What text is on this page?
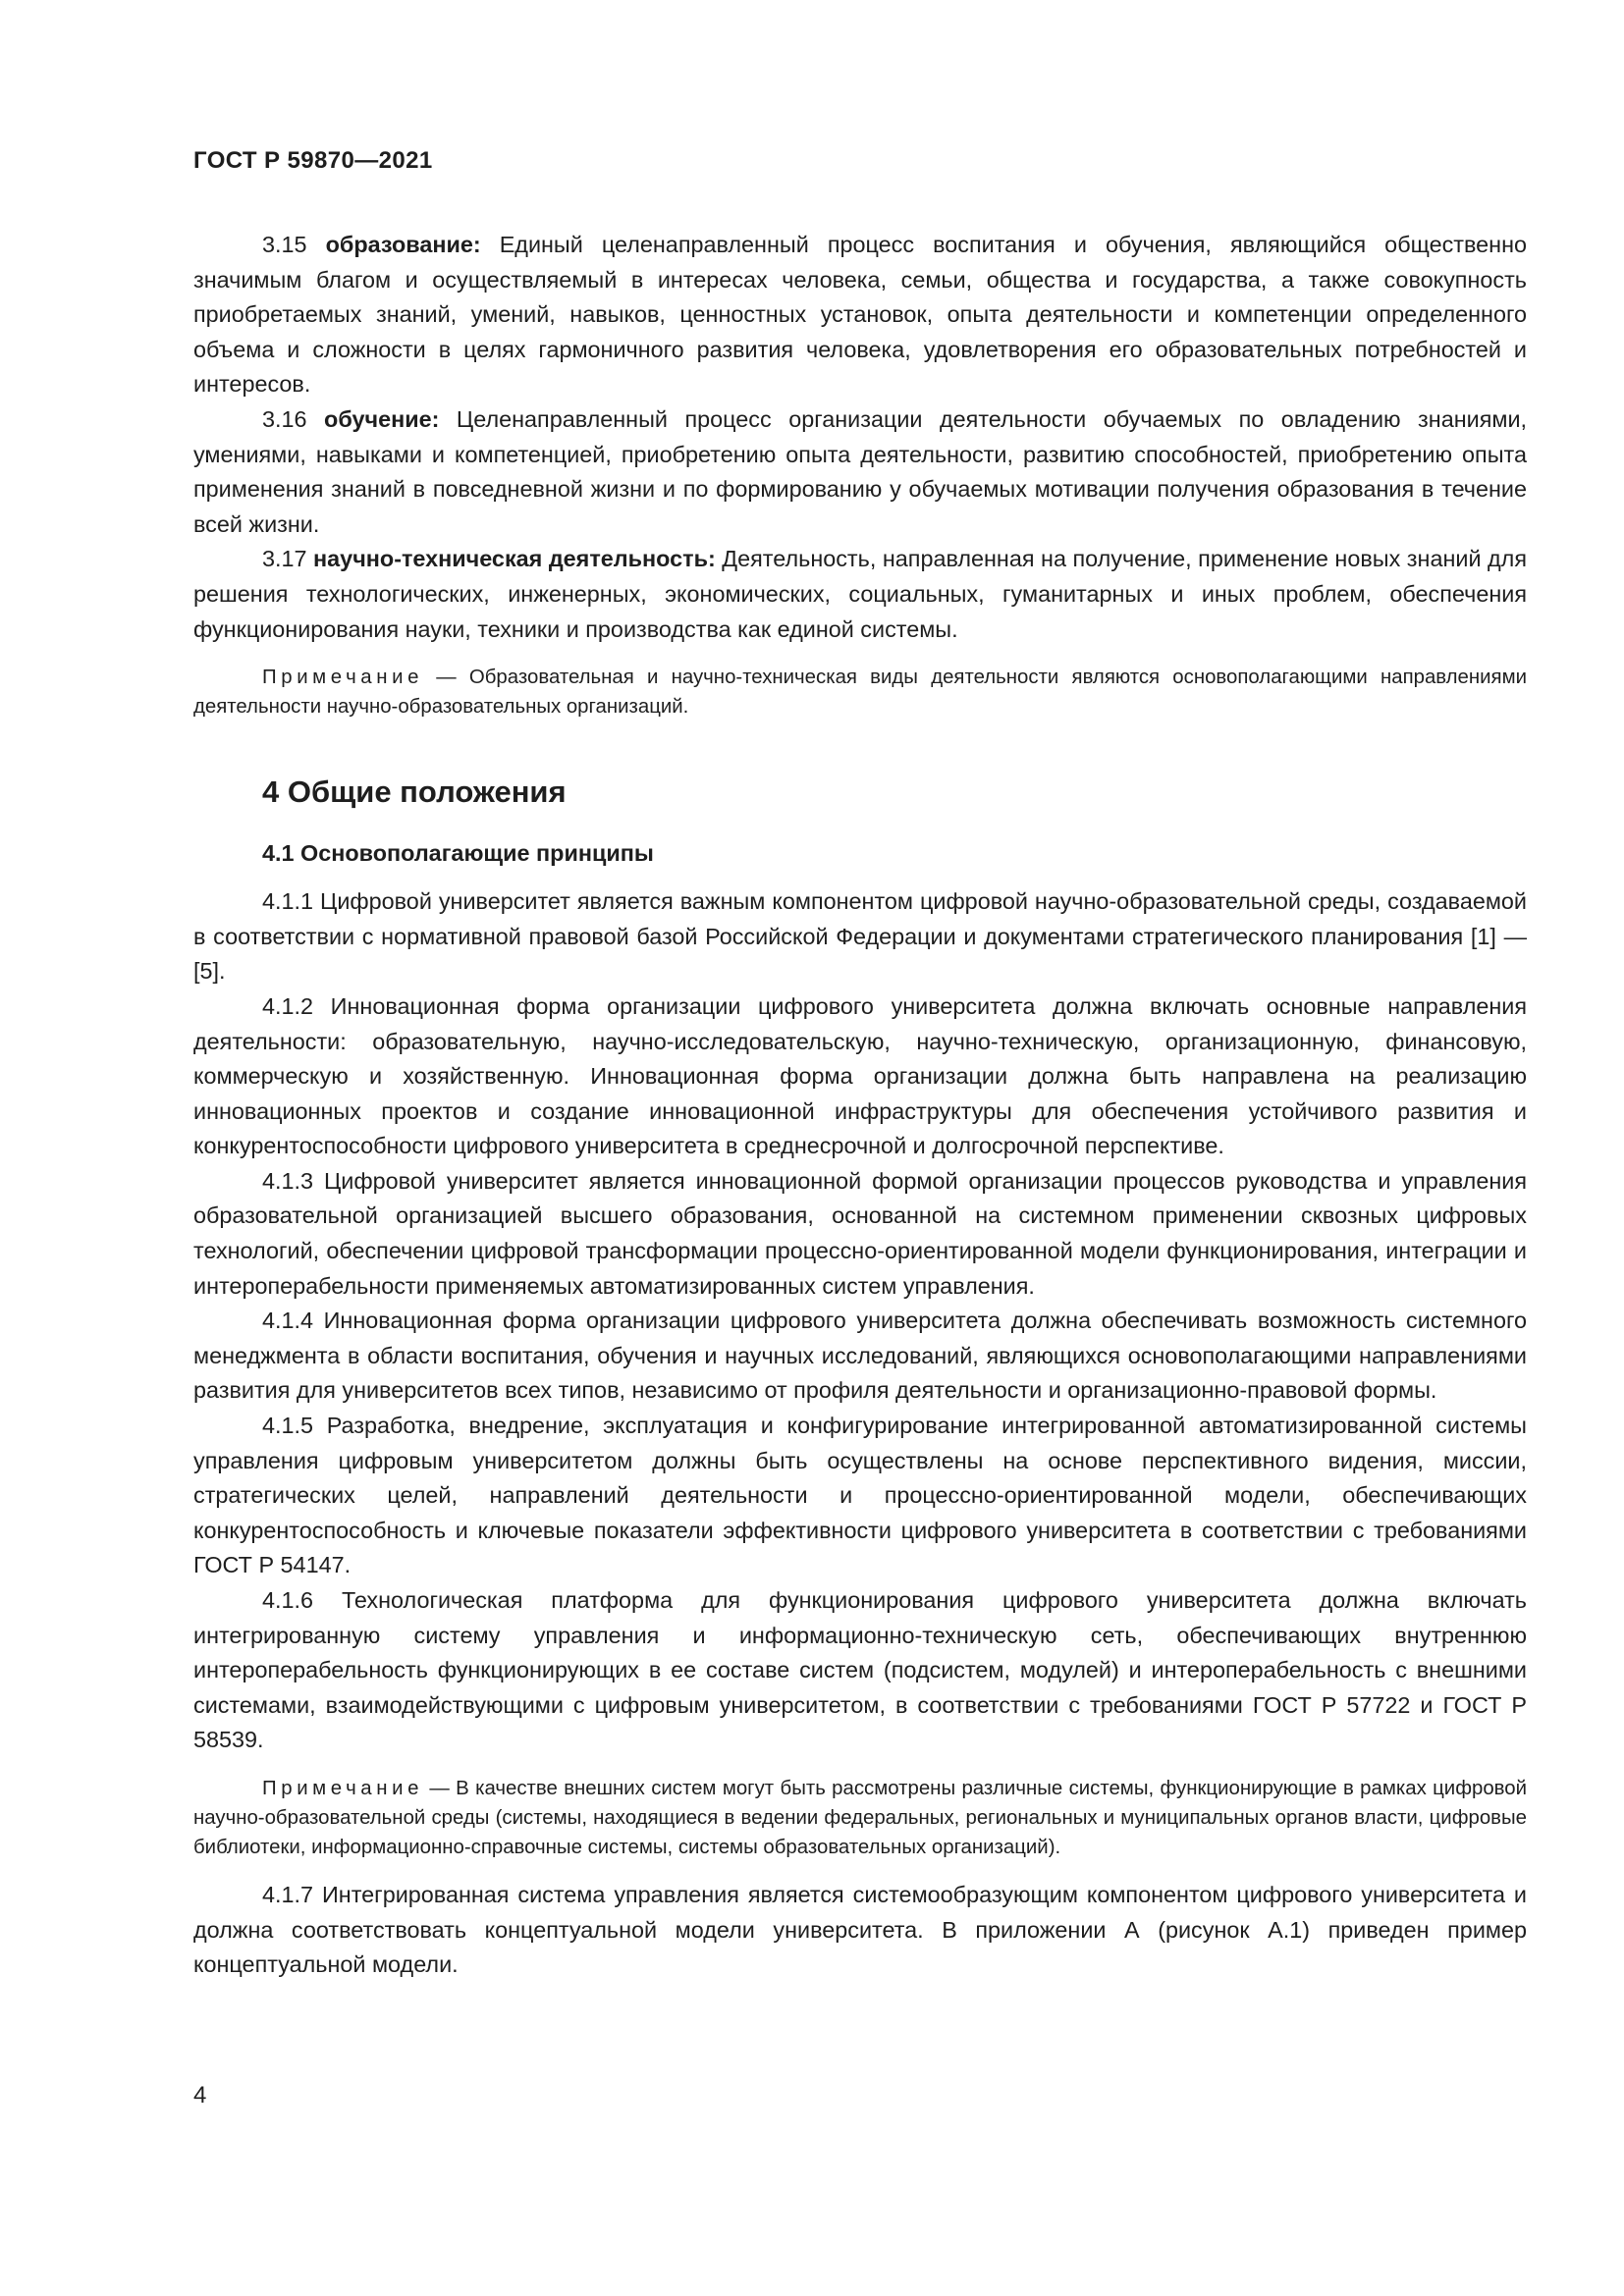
ГОСТ Р 59870—2021

3.15 образование: Единый целенаправленный процесс воспитания и обучения, являющийся общественно значимым благом и осуществляемый в интересах человека, семьи, общества и государства, а также совокупность приобретаемых знаний, умений, навыков, ценностных установок, опыта деятельности и компетенции определенного объема и сложности в целях гармоничного развития человека, удовлетворения его образовательных потребностей и интересов.

3.16 обучение: Целенаправленный процесс организации деятельности обучаемых по овладению знаниями, умениями, навыками и компетенцией, приобретению опыта деятельности, развитию способностей, приобретению опыта применения знаний в повседневной жизни и по формированию у обучаемых мотивации получения образования в течение всей жизни.

3.17 научно-техническая деятельность: Деятельность, направленная на получение, применение новых знаний для решения технологических, инженерных, экономических, социальных, гуманитарных и иных проблем, обеспечения функционирования науки, техники и производства как единой системы.

Примечание — Образовательная и научно-техническая виды деятельности являются основополагающими направлениями деятельности научно-образовательных организаций.

4 Общие положения
4.1 Основополагающие принципы

4.1.1 Цифровой университет является важным компонентом цифровой научно-образовательной среды, создаваемой в соответствии с нормативной правовой базой Российской Федерации и документами стратегического планирования [1] — [5].

4.1.2 Инновационная форма организации цифрового университета должна включать основные направления деятельности: образовательную, научно-исследовательскую, научно-техническую, организационную, финансовую, коммерческую и хозяйственную. Инновационная форма организации должна быть направлена на реализацию инновационных проектов и создание инновационной инфраструктуры для обеспечения устойчивого развития и конкурентоспособности цифрового университета в среднесрочной и долгосрочной перспективе.

4.1.3 Цифровой университет является инновационной формой организации процессов руководства и управления образовательной организацией высшего образования, основанной на системном применении сквозных цифровых технологий, обеспечении цифровой трансформации процессно-ориентированной модели функционирования, интеграции и интероперабельности применяемых автоматизированных систем управления.

4.1.4 Инновационная форма организации цифрового университета должна обеспечивать возможность системного менеджмента в области воспитания, обучения и научных исследований, являющихся основополагающими направлениями развития для университетов всех типов, независимо от профиля деятельности и организационно-правовой формы.

4.1.5 Разработка, внедрение, эксплуатация и конфигурирование интегрированной автоматизированной системы управления цифровым университетом должны быть осуществлены на основе перспективного видения, миссии, стратегических целей, направлений деятельности и процессно-ориентированной модели, обеспечивающих конкурентоспособность и ключевые показатели эффективности цифрового университета в соответствии с требованиями ГОСТ Р 54147.

4.1.6 Технологическая платформа для функционирования цифрового университета должна включать интегрированную систему управления и информационно-техническую сеть, обеспечивающих внутреннюю интероперабельность функционирующих в ее составе систем (подсистем, модулей) и интероперабельность с внешними системами, взаимодействующими с цифровым университетом, в соответствии с требованиями ГОСТ Р 57722 и ГОСТ Р 58539.

Примечание — В качестве внешних систем могут быть рассмотрены различные системы, функционирующие в рамках цифровой научно-образовательной среды (системы, находящиеся в ведении федеральных, региональных и муниципальных органов власти, цифровые библиотеки, информационно-справочные системы, системы образовательных организаций).

4.1.7 Интегрированная система управления является системообразующим компонентом цифрового университета и должна соответствовать концептуальной модели университета. В приложении А (рисунок А.1) приведен пример концептуальной модели.

4
